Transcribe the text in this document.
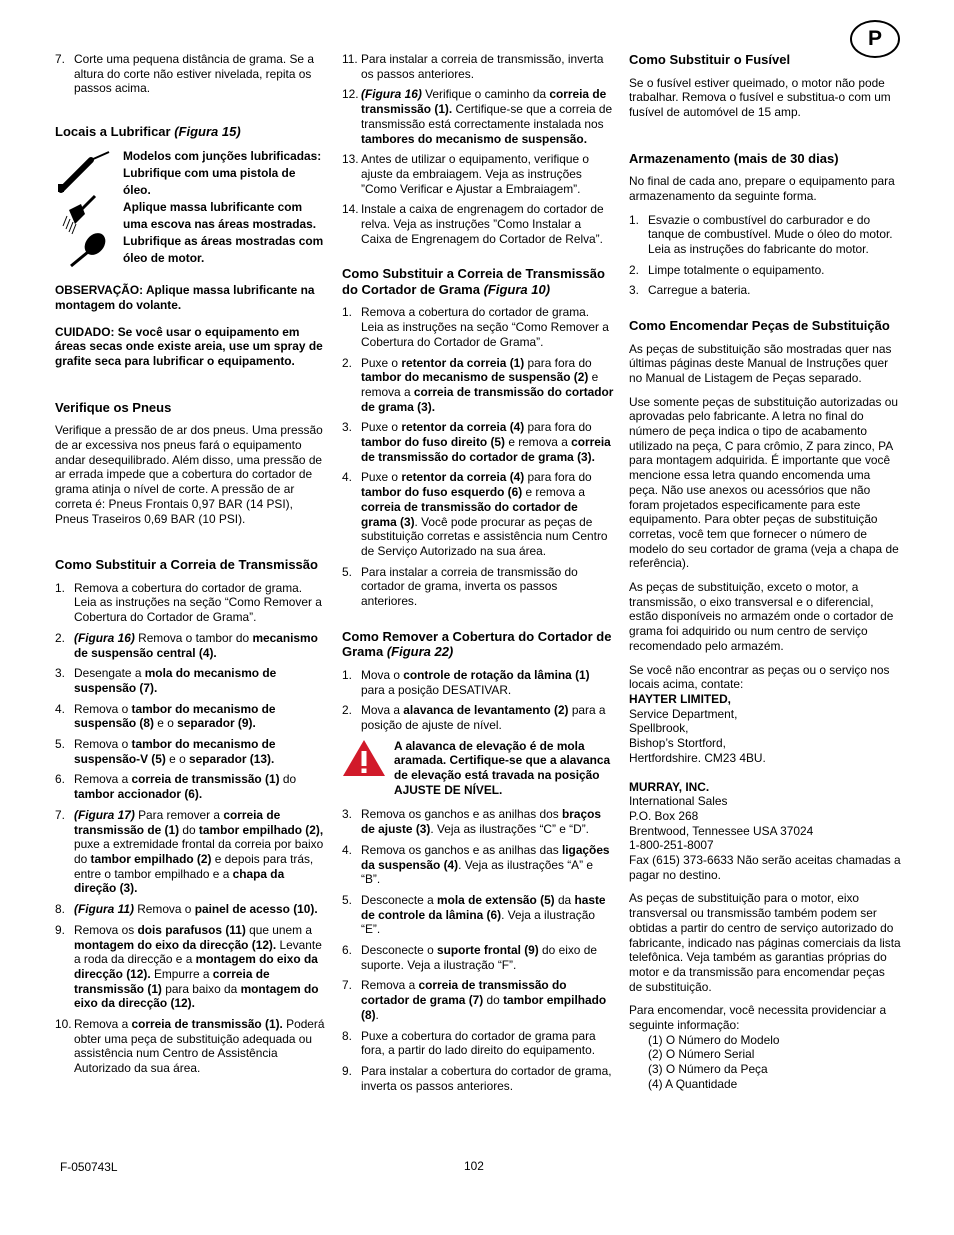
P
7. Corte uma pequena distância de grama. Se a altura do corte não estiver nivelada, repita os passos acima.
Locais a Lubrificar (Figura 15)
Modelos com junções lubrificadas: Lubrifique com uma pistola de óleo.
Aplique massa lubrificante com uma escova nas áreas mostradas.
Lubrifique as áreas mostradas com óleo de motor.

OBSERVAÇÃO: Aplique massa lubrificante na montagem do volante.

CUIDADO: Se você usar o equipamento em áreas secas onde existe areia, use um spray de grafite seca para lubrificar o equipamento.

Verifique os Pneus

Verifique a pressão de ar dos pneus. Uma pressão de ar excessiva nos pneus fará o equipamento andar desequilibrado. Além disso, uma pressão de ar errada impede que a cobertura do cortador de grama atinja o nível de corte. A pressão de ar correta é: Pneus Frontais 0,97 BAR (14 PSI), Pneus Traseiros 0,69 BAR (10 PSI).

Como Substituir a Correia de Transmissão
1. Remova a cobertura do cortador de grama. Leia as instruções na seção “Como Remover a Cobertura do Cortador de Grama”.
2. (Figura 16) Remova o tambor do mecanismo de suspensão central (4).
3. Desengate a mola do mecanismo de suspensão (7).
4. Remova o tambor do mecanismo de suspensão (8) e o separador (9).
5. Remova o tambor do mecanismo de suspensão-V (5) e o separador (13).
6. Remova a correia de transmissão (1) do tambor accionador (6).
7. (Figura 17) Para remover a correia de transmissão de (1) do tambor empilhado (2), puxe a extremidade frontal da correia por baixo do tambor empilhado (2) e depois para trás, entre o tambor empilhado e a chapa da direção (3).
8. (Figura 11) Remova o painel de acesso (10).
9. Remova os dois parafusos (11) que unem a montagem do eixo da direcção (12). Levante a roda da direcção e a montagem do eixo da direcção (12). Empurre a correia de transmissão (1) para baixo da montagem do eixo da direcção (12).
10. Remova a correia de transmissão (1). Poderá obter uma peça de substituição adequada ou assistência num Centro de Assistência Autorizado da sua área.
11. Para instalar a correia de transmissão, inverta os passos anteriores.
12. (Figura 16) Verifique o caminho da correia de transmissão (1). Certifique-se que a correia de transmissão está correctamente instalada nos tambores do mecanismo de suspensão.
13. Antes de utilizar o equipamento, verifique o ajuste da embraiagem. Veja as instruções ”Como Verificar e Ajustar a Embraiagem”.
14. Instale a caixa de engrenagem do cortador de relva. Veja as instruções ”Como Instalar a Caixa de Engrenagem do Cortador de Relva”.
Como Substituir a Correia de Transmissão do Cortador de Grama (Figura 10)
1. Remova a cobertura do cortador de grama. Leia as instruções na seção “Como Remover a Cobertura do Cortador de Grama”.
2. Puxe o retentor da correia (1) para fora do tambor do mecanismo de suspensão (2) e remova a correia de transmissão do cortador de grama (3).
3. Puxe o retentor da correia (4) para fora do tambor do fuso direito (5) e remova a correia de transmissão do cortador de grama (3).
4. Puxe o retentor da correia (4) para fora do tambor do fuso esquerdo (6) e remova a correia de transmissão do cortador de grama (3). Você pode procurar as peças de substituição corretas e assistência num Centro de Serviço Autorizado na sua área.
5. Para instalar a correia de transmissão do cortador de grama, inverta os passos anteriores.
Como Remover a Cobertura do Cortador de Grama (Figura 22)
1. Mova o controle de rotação da lâmina (1) para a posição DESATIVAR.
2. Mova a alavanca de levantamento (2) para a posição de ajuste de nível.
A alavanca de elevação é de mola aramada. Certifique-se que a alavanca de elevação está travada na posição AJUSTE DE NÍVEL.
3. Remova os ganchos e as anilhas dos braços de ajuste (3). Veja as ilustrações “C” e “D”.
4. Remova os ganchos e as anilhas das ligações da suspensão (4). Veja as ilustrações “A” e “B”.
5. Desconecte a mola de extensão (5) da haste de controle da lâmina (6). Veja a ilustração “E”.
6. Desconecte o suporte frontal (9) do eixo de suporte. Veja a ilustração “F”.
7. Remova a correia de transmissão do cortador de grama (7) do tambor empilhado (8).
8. Puxe a cobertura do cortador de grama para fora, a partir do lado direito do equipamento.
9. Para instalar a cobertura do cortador de grama, inverta os passos anteriores.
Como Substituir o Fusível

Se o fusível estiver queimado, o motor não pode trabalhar. Remova o fusível e substitua-o com um fusível de automóvel de 15 amp.

Armazenamento (mais de 30 dias)

No final de cada ano, prepare o equipamento para armazenamento da seguinte forma.

1. Esvazie o combustível do carburador e do tanque de combustível. Mude o óleo do motor. Leia as instruções do fabricante do motor.
2. Limpe totalmente o equipamento.
3. Carregue a bateria.
Como Encomendar Peças de Substituição

As peças de substituição são mostradas quer nas últimas páginas deste Manual de Instruções quer no Manual de Listagem de Peças separado.

Use somente peças de substituição autorizadas ou aprovadas pelo fabricante. A letra no final do número de peça indica o tipo de acabamento utilizado na peça, C para crômio, Z para zinco, PA para montagem adquirida. É importante que você mencione essa letra quando encomenda uma peça. Não use anexos ou acessórios que não foram projetados especificamente para este equipamento. Para obter peças de substituição corretas, você tem que fornecer o número de modelo do seu cortador de grama (veja a chapa de referência).

As peças de substituição, exceto o motor, a transmissão, o eixo transversal e o diferencial, estão disponíveis no armazém onde o cortador de grama foi adquirido ou num centro de serviço recomendado pelo armazém.

Se você não encontrar as peças ou o serviço nos locais acima, contate:
HAYTER LIMITED,
Service Department,
Spellbrook,
Bishop’s Stortford,
Hertfordshire. CM23 4BU.
MURRAY, INC.
International Sales
P.O. Box 268
Brentwood, Tennessee USA 37024
1-800-251-8007
Fax (615) 373-6633 Não serão aceitas chamadas a pagar no destino.

As peças de substituição para o motor, eixo transversal ou transmissão também podem ser obtidas a partir do centro de serviço autorizado do fabricante, indicado nas páginas comerciais da lista telefônica. Veja também as garantias próprias do motor e da transmissão para encomendar peças de substituição.

Para encomendar, você necessita providenciar a seguinte informação:
(1) O Número do Modelo
(2) O Número Serial
(3) O Número da Peça
(4) A Quantidade
F-050743L	102
